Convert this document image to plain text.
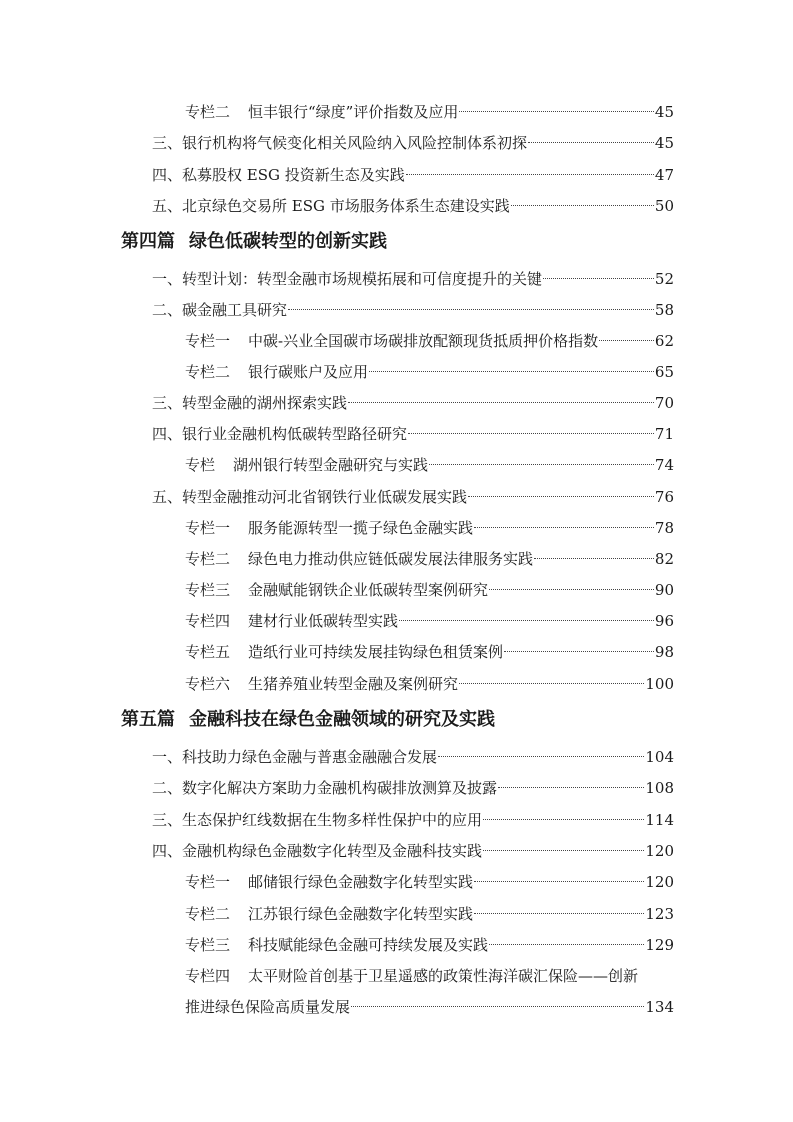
专栏二 恒丰银行“绿度”评价指数及应用	45
三、银行机构将气候变化相关风险纳入风险控制体系初探	45
四、私募股权 ESG 投资新生态及实践	47
五、北京绿色交易所 ESG 市场服务体系生态建设实践	50
第四篇 绿色低碳转型的创新实践
一、转型计划：转型金融市场规模拓展和可信度提升的关键	52
二、碳金融工具研究	58
专栏一 中碳-兴业全国碳市场碳排放配额现货抵质押价格指数	62
专栏二 银行碳账户及应用	65
三、转型金融的湖州探索实践	70
四、银行业金融机构低碳转型路径研究	71
专栏 湖州银行转型金融研究与实践	74
五、转型金融推动河北省钢铁行业低碳发展实践	76
专栏一 服务能源转型一揽子绿色金融实践	78
专栏二 绿色电力推动供应链低碳发展法律服务实践	82
专栏三 金融赋能钢铁企业低碳转型案例研究	90
专栏四 建材行业低碳转型实践	96
专栏五 造纸行业可持续发展挂钩绿色租赁案例	98
专栏六 生猪养殖业转型金融及案例研究	100
第五篇 金融科技在绿色金融领域的研究及实践
一、科技助力绿色金融与普惠金融融合发展	104
二、数字化解决方案助力金融机构碳排放测算及披露	108
三、生态保护红线数据在生物多样性保护中的应用	114
四、金融机构绿色金融数字化转型及金融科技实践	120
专栏一 邮储银行绿色金融数字化转型实践	120
专栏二 江苏银行绿色金融数字化转型实践	123
专栏三 科技赋能绿色金融可持续发展及实践	129
专栏四 太平财险首创基于卫星遥感的政策性海洋碳汇保险——创新
推进绿色保险高质量发展	134
